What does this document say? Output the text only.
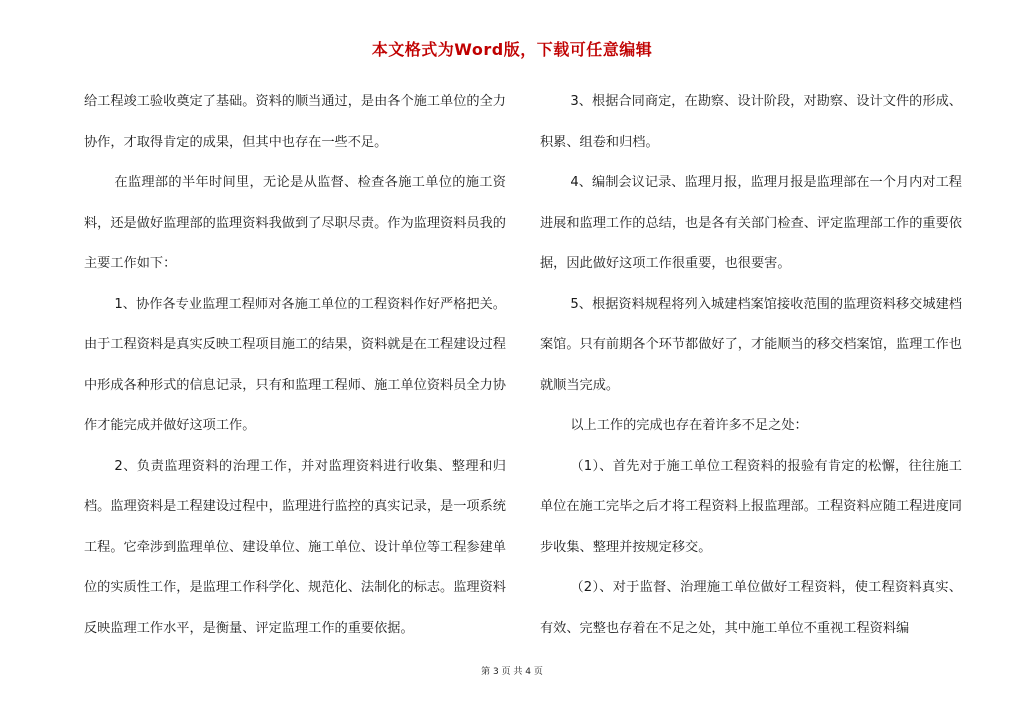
本文格式为Word版，下载可任意编辑

给工程竣工验收奠定了基础。资料的顺当通过，是由各个施工单位的全力协作，才取得肯定的成果，但其中也存在一些不足。

在监理部的半年时间里，无论是从监督、检查各施工单位的施工资料，还是做好监理部的监理资料我做到了尽职尽责。作为监理资料员我的主要工作如下：

1、协作各专业监理工程师对各施工单位的工程资料作好严格把关。由于工程资料是真实反映工程项目施工的结果，资料就是在工程建设过程中形成各种形式的信息记录，只有和监理工程师、施工单位资料员全力协作才能完成并做好这项工作。

2、负责监理资料的治理工作，并对监理资料进行收集、整理和归档。监理资料是工程建设过程中，监理进行监控的真实记录，是一项系统工程。它牵涉到监理单位、建设单位、施工单位、设计单位等工程参建单位的实质性工作，是监理工作科学化、规范化、法制化的标志。监理资料反映监理工作水平，是衡量、评定监理工作的重要依据。

3、根据合同商定，在勘察、设计阶段，对勘察、设计文件的形成、积累、组卷和归档。

4、编制会议记录、监理月报，监理月报是监理部在一个月内对工程进展和监理工作的总结，也是各有关部门检查、评定监理部工作的重要依据，因此做好这项工作很重要，也很要害。

5、根据资料规程将列入城建档案馆接收范围的监理资料移交城建档案馆。只有前期各个环节都做好了，才能顺当的移交档案馆，监理工作也就顺当完成。

以上工作的完成也存在着许多不足之处：

（1）、首先对于施工单位工程资料的报验有肯定的松懈，往往施工单位在施工完毕之后才将工程资料上报监理部。工程资料应随工程进度同步收集、整理并按规定移交。

（2）、对于监督、治理施工单位做好工程资料，使工程资料真实、有效、完整也存着在不足之处，其中施工单位不重视工程资料编

第 3 页 共 4 页
